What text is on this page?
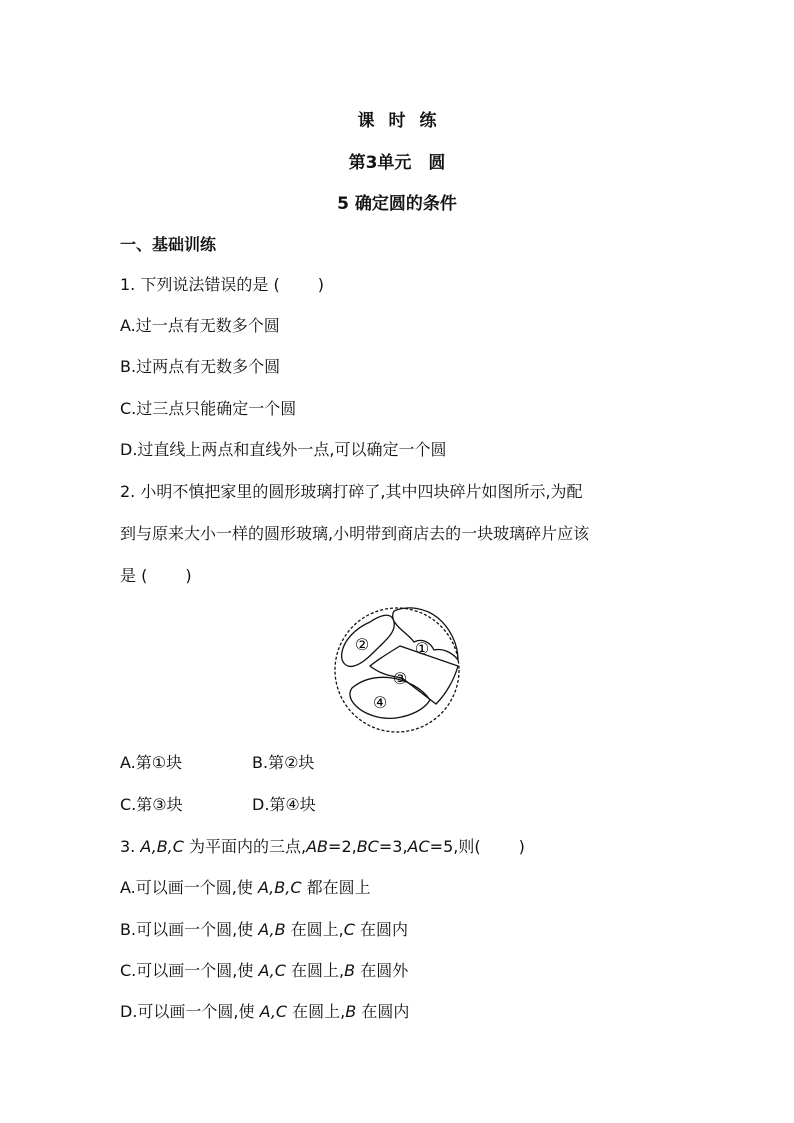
课时练
第3单元　圆
5 确定圆的条件
一、基础训练
1. 下列说法错误的是 ( )
A.过一点有无数多个圆
B.过两点有无数多个圆
C.过三点只能确定一个圆
D.过直线上两点和直线外一点,可以确定一个圆
2. 小明不慎把家里的圆形玻璃打碎了,其中四块碎片如图所示,为配
到与原来大小一样的圆形玻璃,小明带到商店去的一块玻璃碎片应该
是 ( )
①
②
③
④
A.第①块	B.第②块
C.第③块	D.第④块
3. A,B,C 为平面内的三点,AB=2,BC=3,AC=5,则( )
A.可以画一个圆,使 A,B,C 都在圆上
B.可以画一个圆,使 A,B 在圆上,C 在圆内
C.可以画一个圆,使 A,C 在圆上,B 在圆外
D.可以画一个圆,使 A,C 在圆上,B 在圆内
